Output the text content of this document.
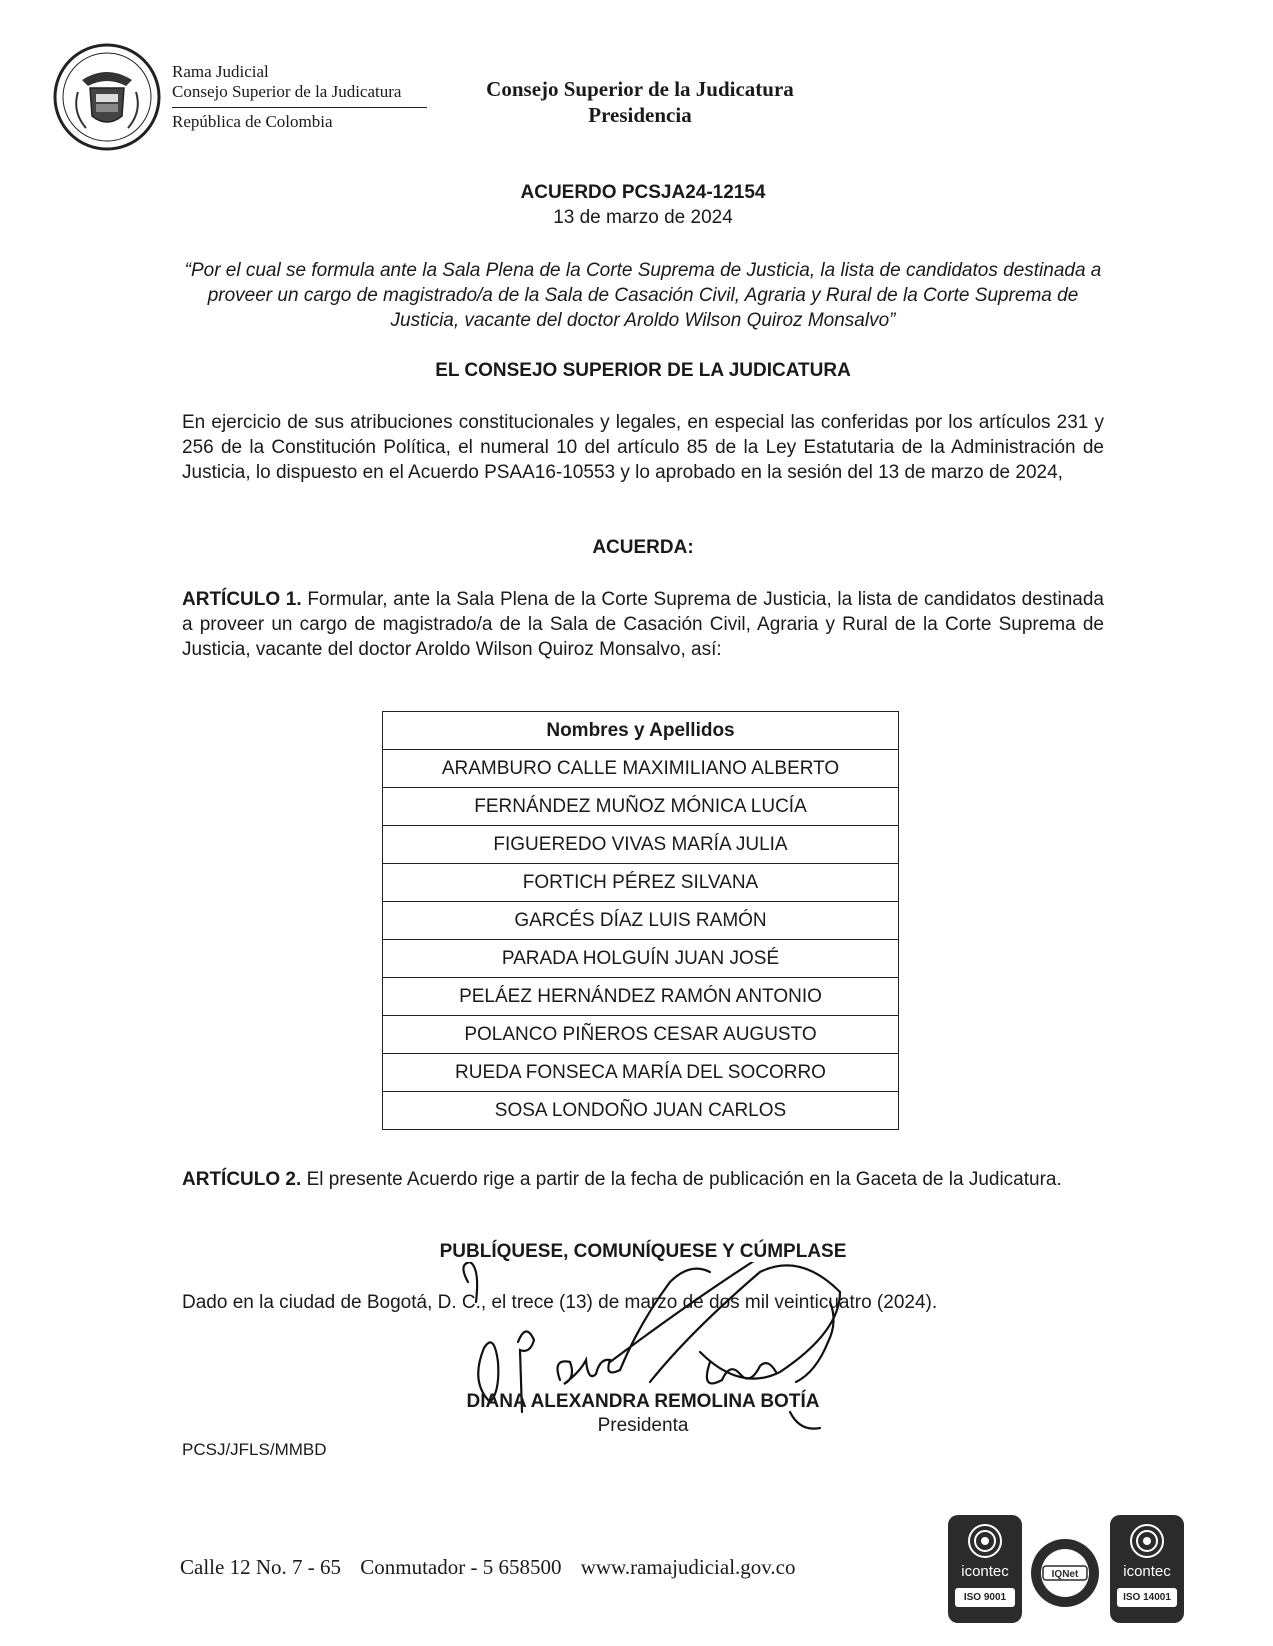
Rama Judicial
Consejo Superior de la Judicatura
República de Colombia
Consejo Superior de la Judicatura
Presidencia
ACUERDO PCSJA24-12154
13 de marzo de 2024
“Por el cual se formula ante la Sala Plena de la Corte Suprema de Justicia, la lista de candidatos destinada a proveer un cargo de magistrado/a de la Sala de Casación Civil, Agraria y Rural de la Corte Suprema de Justicia, vacante del doctor Aroldo Wilson Quiroz Monsalvo”
EL CONSEJO SUPERIOR DE LA JUDICATURA
En ejercicio de sus atribuciones constitucionales y legales, en especial las conferidas por los artículos 231 y 256 de la Constitución Política, el numeral 10 del artículo 85 de la Ley Estatutaria de la Administración de Justicia, lo dispuesto en el Acuerdo PSAA16-10553 y lo aprobado en la sesión del 13 de marzo de 2024,
ACUERDA:
ARTÍCULO 1. Formular, ante la Sala Plena de la Corte Suprema de Justicia, la lista de candidatos destinada a proveer un cargo de magistrado/a de la Sala de Casación Civil, Agraria y Rural de la Corte Suprema de Justicia, vacante del doctor Aroldo Wilson Quiroz Monsalvo, así:
Nombres y Apellidos
ARAMBURO CALLE MAXIMILIANO ALBERTO
FERNÁNDEZ MUÑOZ MÓNICA LUCÍA
FIGUEREDO VIVAS MARÍA JULIA
FORTICH PÉREZ SILVANA
GARCÉS DÍAZ LUIS RAMÓN
PARADA HOLGUÍN JUAN JOSÉ
PELÁEZ HERNÁNDEZ RAMÓN ANTONIO
POLANCO PIÑEROS CESAR AUGUSTO
RUEDA FONSECA MARÍA DEL SOCORRO
SOSA LONDOÑO JUAN CARLOS
ARTÍCULO 2. El presente Acuerdo rige a partir de la fecha de publicación en la Gaceta de la Judicatura.
PUBLÍQUESE, COMUNÍQUESE Y CÚMPLASE
Dado en la ciudad de Bogotá, D. C., el trece (13) de marzo de dos mil veinticuatro (2024).
DIANA ALEXANDRA REMOLINA BOTÍA
Presidenta
PCSJ/JFLS/MMBD
Calle 12 No. 7 - 65 Conmutador - 5 658500 www.ramajudicial.gov.co	icontec
ISO 9001
IQNet	icontec
ISO 14001
